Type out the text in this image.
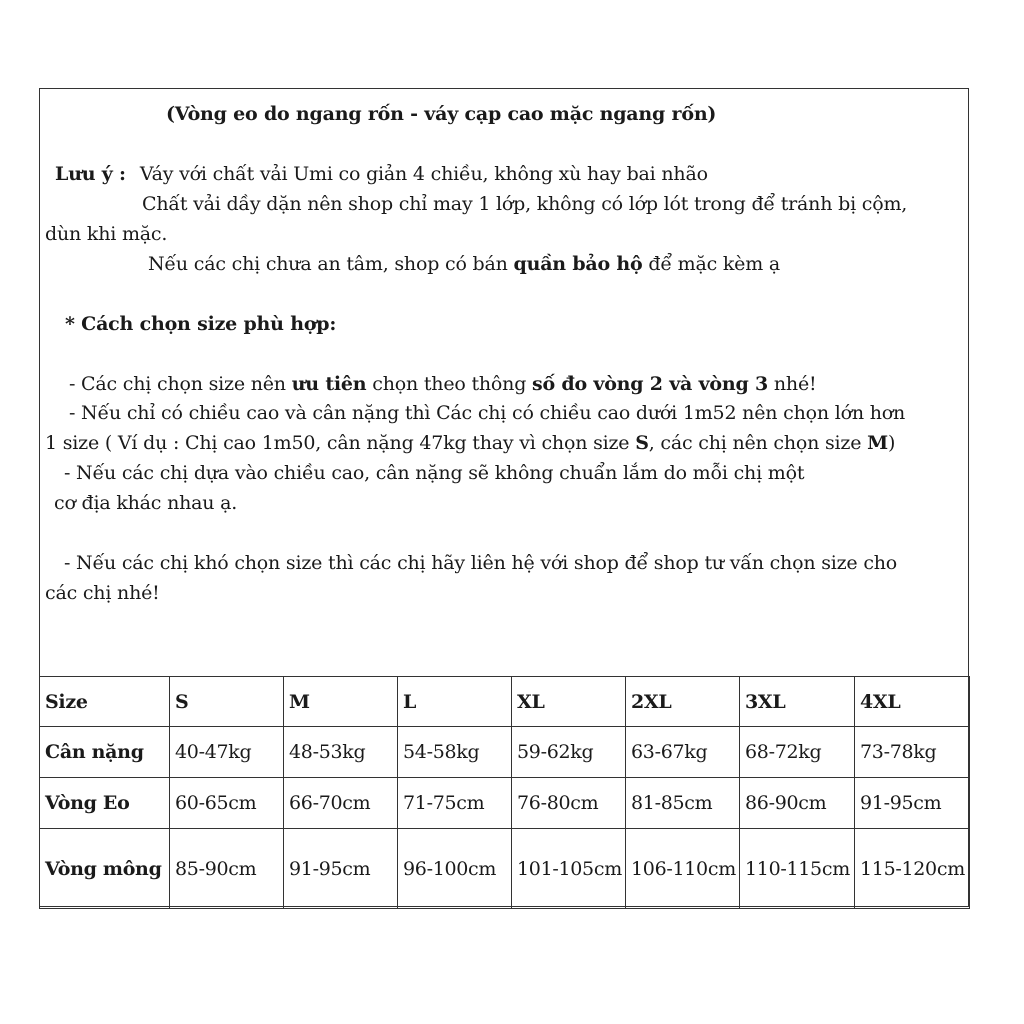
(Vòng eo do ngang rốn - váy cạp cao mặc ngang rốn)
Lưu ý : Váy với chất vải Umi co giản 4 chiều, không xù hay bai nhão
Chất vải dầy dặn nên shop chỉ may 1 lớp, không có lớp lót trong để tránh bị cộm,
dùn khi mặc.
Nếu các chị chưa an tâm, shop có bán quần bảo hộ để mặc kèm ạ
* Cách chọn size phù hợp:
- Các chị chọn size nên ưu tiên chọn theo thông số đo vòng 2 và vòng 3 nhé!
- Nếu chỉ có chiều cao và cân nặng thì Các chị có chiều cao dưới 1m52 nên chọn lớn hơn
1 size ( Ví dụ : Chị cao 1m50, cân nặng 47kg thay vì chọn size S, các chị nên chọn size M)
- Nếu các chị dựa vào chiều cao, cân nặng sẽ không chuẩn lắm do mỗi chị một
cơ địa khác nhau ạ.
- Nếu các chị khó chọn size thì các chị hãy liên hệ với shop để shop tư vấn chọn size cho
các chị nhé!
Size	S	M	L	XL	2XL	3XL	4XL
Cân nặng	40-47kg	48-53kg	54-58kg	59-62kg	63-67kg	68-72kg	73-78kg
Vòng Eo	60-65cm	66-70cm	71-75cm	76-80cm	81-85cm	86-90cm	91-95cm
Vòng mông	85-90cm	91-95cm	96-100cm	101-105cm	106-110cm	110-115cm	115-120cm
